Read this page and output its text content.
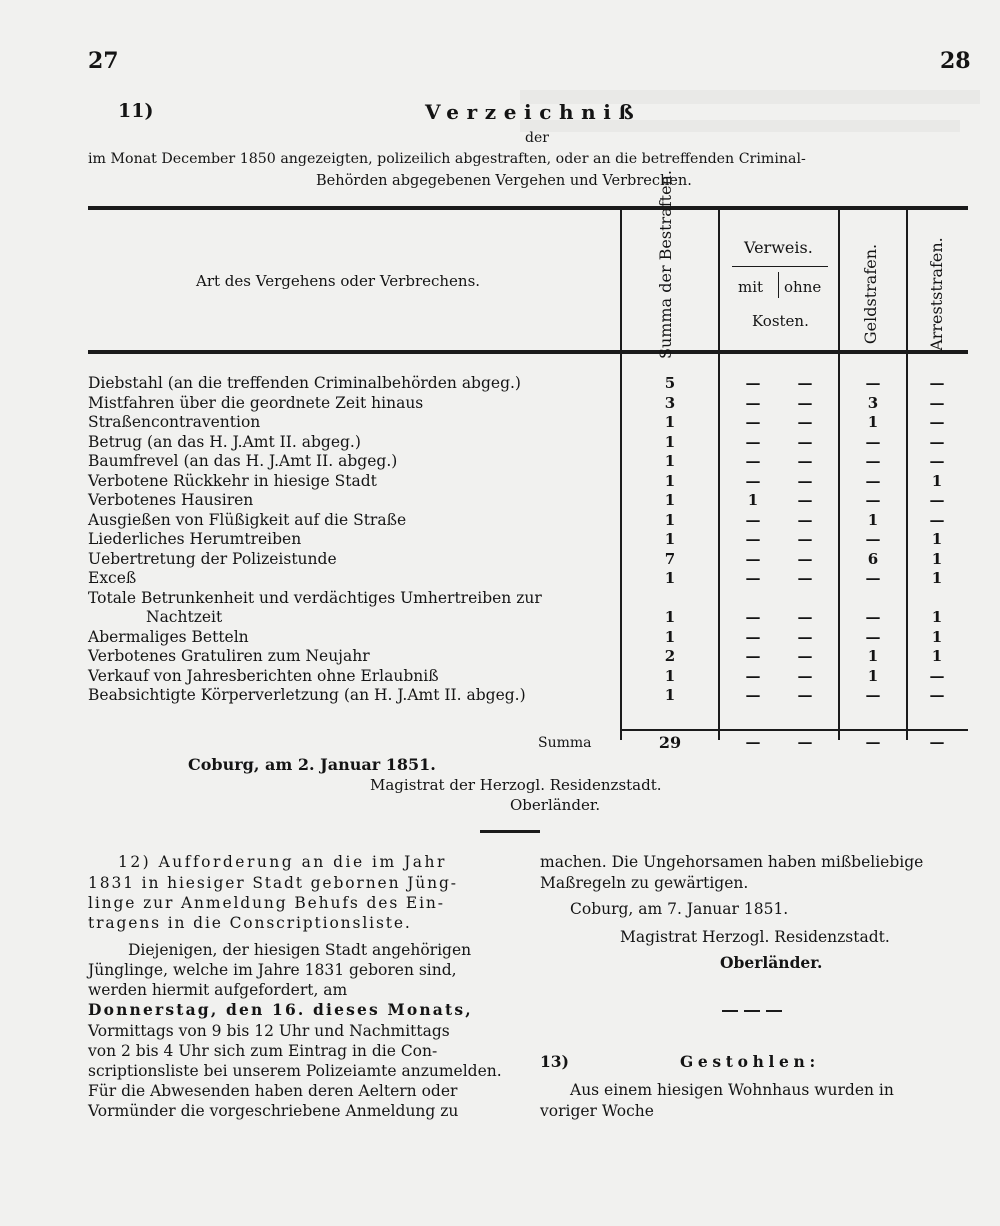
27	28
11)	Verzeichniß
der
im Monat December 1850 angezeigten, polizeilich abgestraften, oder an die betreffenden Criminal-
Behörden abgegebenen Vergehen und Verbrechen.
Art des Vergehens oder Verbrechens.	Summa der Bestraften.	Verweis.
mit ohne
Kosten.	Geldstrafen.	Arreststrafen.
Diebstahl (an die treffenden Criminalbehörden abgeg.)	5	—	—	—	—
Mistfahren über die geordnete Zeit hinaus	3	—	—	3	—
Straßencontravention	1	—	—	1	—
Betrug (an das H. J.Amt II. abgeg.)	1	—	—	—	—
Baumfrevel (an das H. J.Amt II. abgeg.)	1	—	—	—	—
Verbotene Rückkehr in hiesige Stadt	1	—	—	—	1
Verbotenes Hausiren	1	1	—	—	—
Ausgießen von Flüßigkeit auf die Straße	1	—	—	1	—
Liederliches Herumtreiben	1	—	—	—	1
Uebertretung der Polizeistunde	7	—	—	6	1
Exceß	1	—	—	—	1
Totale Betrunkenheit und verdächtiges Umhertreiben zur
Nachtzeit	1	—	—	—	1
Abermaliges Betteln	1	—	—	—	1
Verbotenes Gratuliren zum Neujahr	2	—	—	1	1
Verkauf von Jahresberichten ohne Erlaubniß	1	—	—	1	—
Beabsichtigte Körperverletzung (an H. J.Amt II. abgeg.)	1	—	—	—	—
Summa	29	—	—	—	—
Coburg, am 2. Januar 1851.
Magistrat der Herzogl. Residenzstadt.
Oberländer.
12) Aufforderung an die im Jahr
1831 in hiesiger Stadt gebornen Jüng-
linge zur Anmeldung Behufs des Ein-
tragens in die Conscriptionsliste.
Diejenigen, der hiesigen Stadt angehörigen
Jünglinge, welche im Jahre 1831 geboren sind,
werden hiermit aufgefordert, am
Donnerstag, den 16. dieses Monats,
Vormittags von 9 bis 12 Uhr und Nachmittags
von 2 bis 4 Uhr sich zum Eintrag in die Con-
scriptionsliste bei unserem Polizeiamte anzumelden.
Für die Abwesenden haben deren Aeltern oder
Vormünder die vorgeschriebene Anmeldung zu
machen. Die Ungehorsamen haben mißbeliebige
Maßregeln zu gewärtigen.
Coburg, am 7. Januar 1851.
Magistrat Herzogl. Residenzstadt.
Oberländer.
13)	Gestohlen:
Aus einem hiesigen Wohnhaus wurden in
voriger Woche
